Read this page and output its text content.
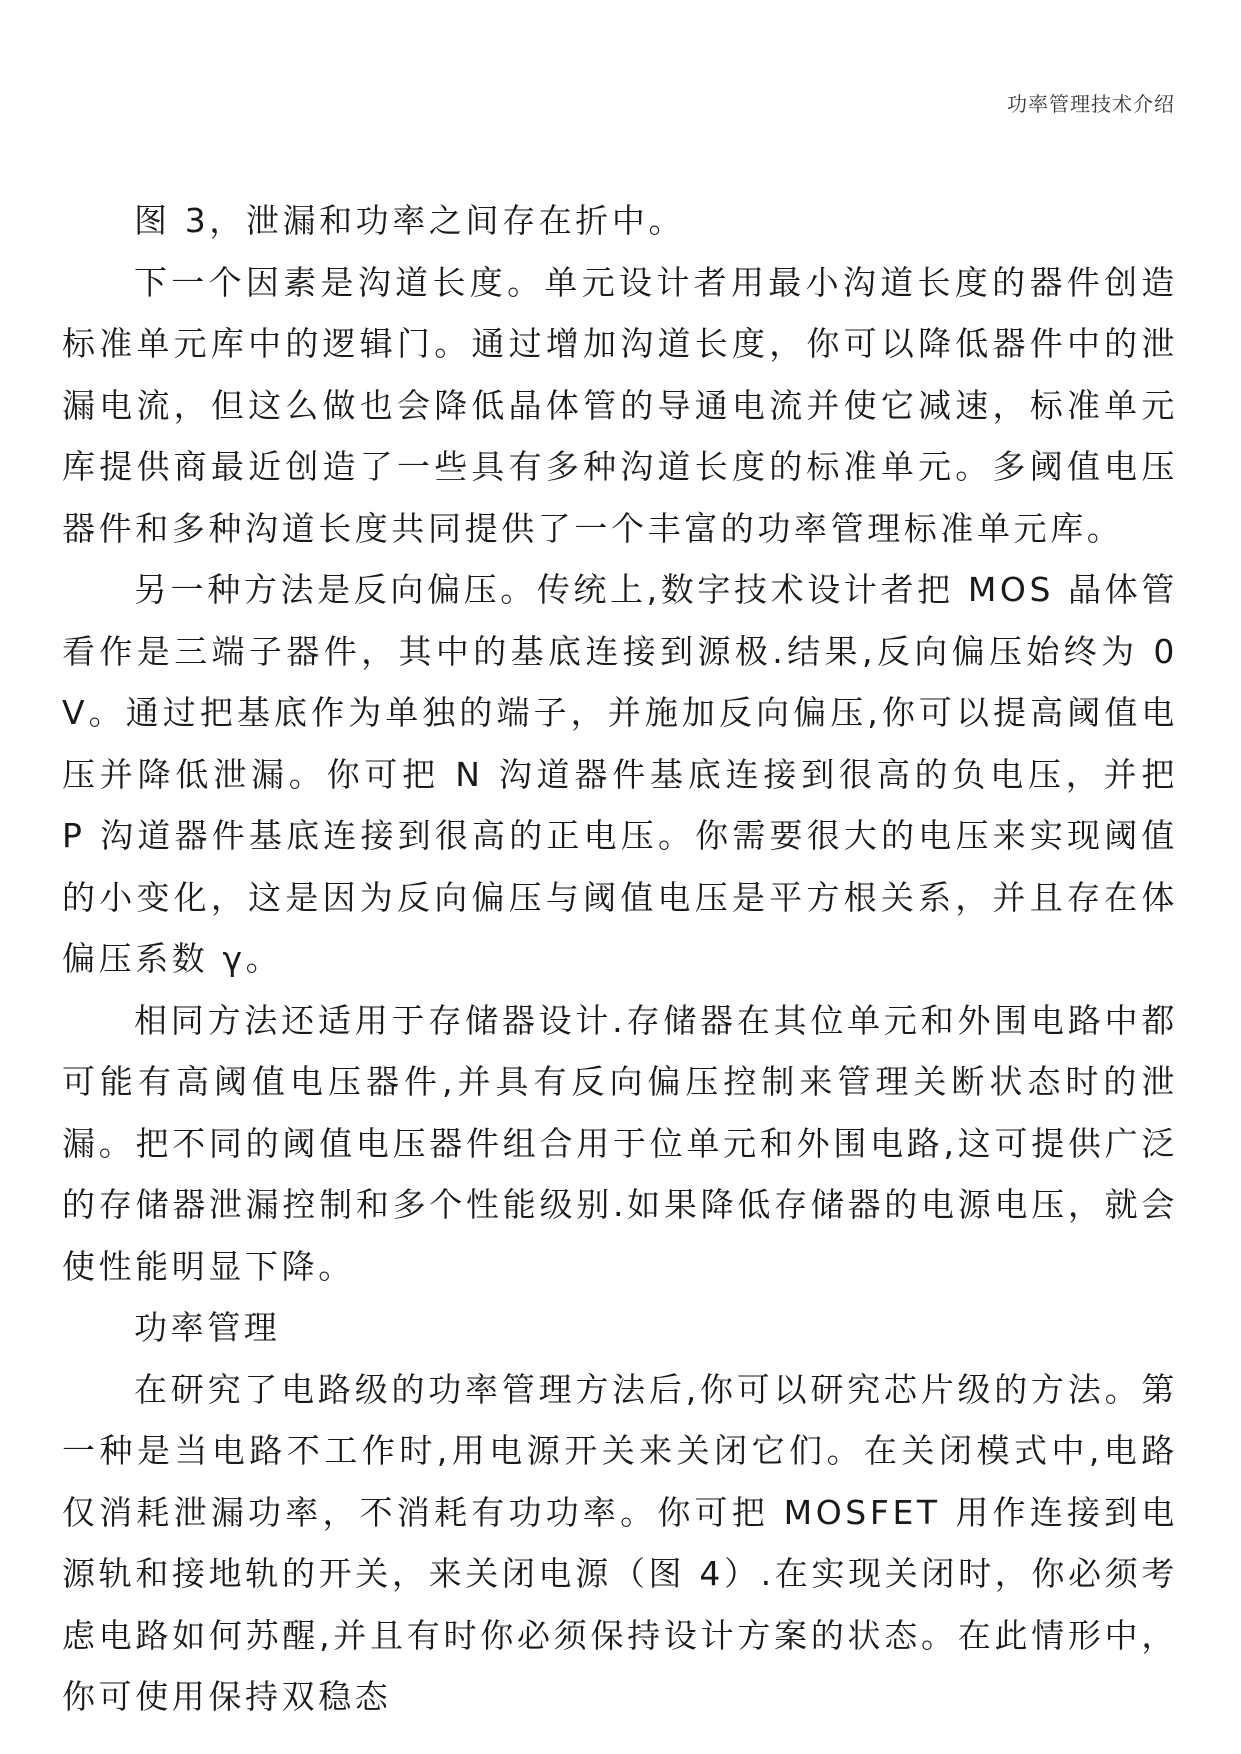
功率管理技术介绍

图 3，泄漏和功率之间存在折中。

下一个因素是沟道长度。单元设计者用最小沟道长度的器件创造标准单元库中的逻辑门。通过增加沟道长度，你可以降低器件中的泄漏电流，但这么做也会降低晶体管的导通电流并使它减速，标准单元库提供商最近创造了一些具有多种沟道长度的标准单元。多阈值电压器件和多种沟道长度共同提供了一个丰富的功率管理标准单元库。

另一种方法是反向偏压。传统上,数字技术设计者把 MOS 晶体管看作是三端子器件，其中的基底连接到源极.结果,反向偏压始终为 0 V。通过把基底作为单独的端子，并施加反向偏压,你可以提高阈值电压并降低泄漏。你可把 N 沟道器件基底连接到很高的负电压，并把 P 沟道器件基底连接到很高的正电压。你需要很大的电压来实现阈值的小变化，这是因为反向偏压与阈值电压是平方根关系，并且存在体偏压系数 γ。

相同方法还适用于存储器设计.存储器在其位单元和外围电路中都可能有高阈值电压器件,并具有反向偏压控制来管理关断状态时的泄漏。把不同的阈值电压器件组合用于位单元和外围电路,这可提供广泛的存储器泄漏控制和多个性能级别.如果降低存储器的电源电压，就会使性能明显下降。

功率管理

在研究了电路级的功率管理方法后,你可以研究芯片级的方法。第一种是当电路不工作时,用电源开关来关闭它们。在关闭模式中,电路仅消耗泄漏功率，不消耗有功功率。你可把 MOSFET 用作连接到电源轨和接地轨的开关，来关闭电源（图 4）.在实现关闭时，你必须考虑电路如何苏醒,并且有时你必须保持设计方案的状态。在此情形中，你可使用保持双稳态
